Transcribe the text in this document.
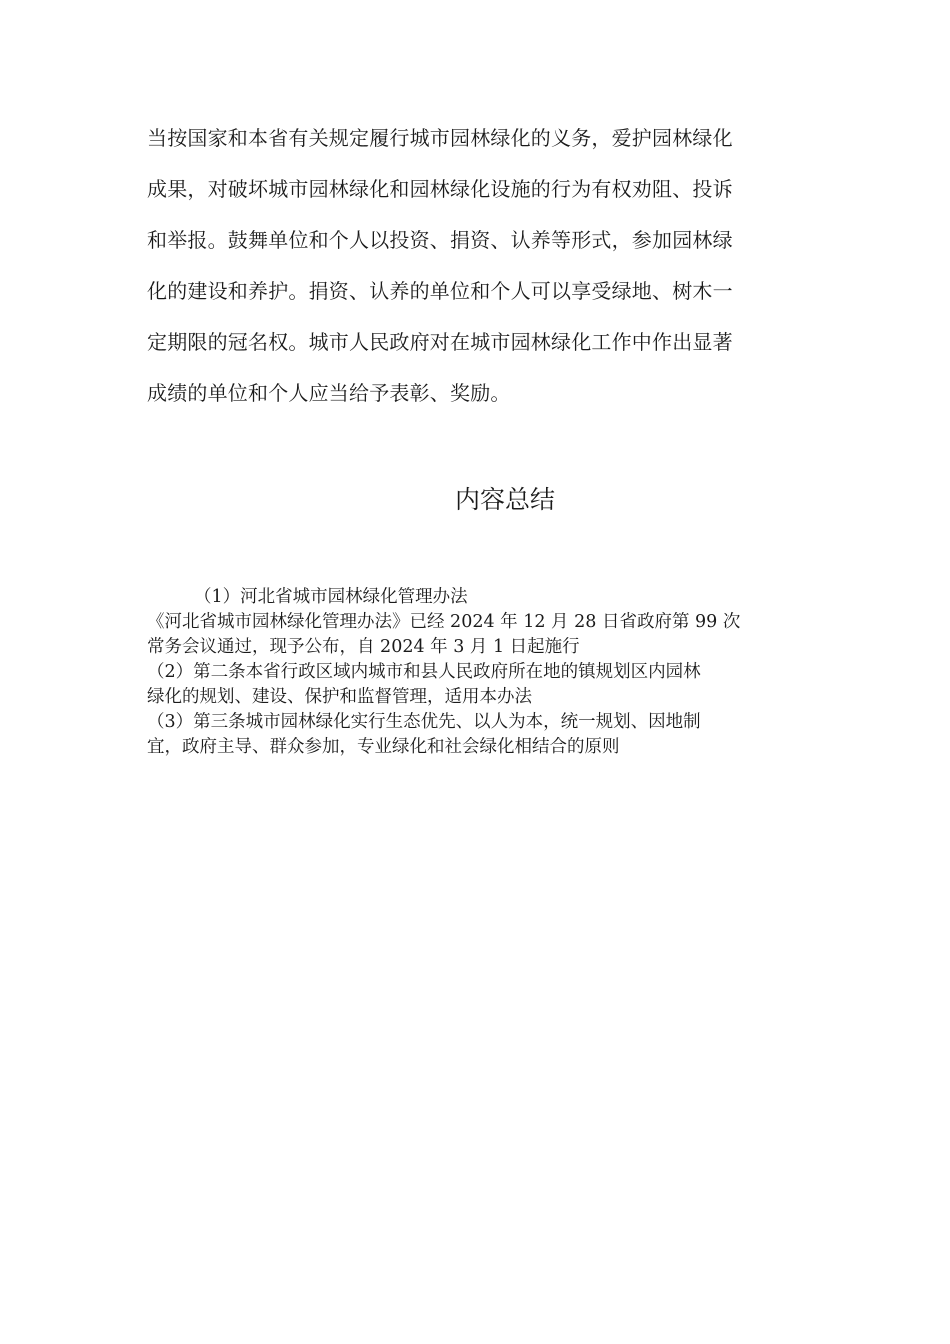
当按国家和本省有关规定履行城市园林绿化的义务，爱护园林绿化
成果，对破坏城市园林绿化和园林绿化设施的行为有权劝阻、投诉
和举报。鼓舞单位和个人以投资、捐资、认养等形式，参加园林绿
化的建设和养护。捐资、认养的单位和个人可以享受绿地、树木一
定期限的冠名权。城市人民政府对在城市园林绿化工作中作出显著
成绩的单位和个人应当给予表彰、奖励。
内容总结
（1）河北省城市园林绿化管理办法
《河北省城市园林绿化管理办法》已经 2024 年 12 月 28 日省政府第 99 次
常务会议通过，现予公布，自 2024 年 3 月 1 日起施行
（2）第二条本省行政区域内城市和县人民政府所在地的镇规划区内园林
绿化的规划、建设、保护和监督管理，适用本办法
（3）第三条城市园林绿化实行生态优先、以人为本，统一规划、因地制
宜，政府主导、群众参加，专业绿化和社会绿化相结合的原则
